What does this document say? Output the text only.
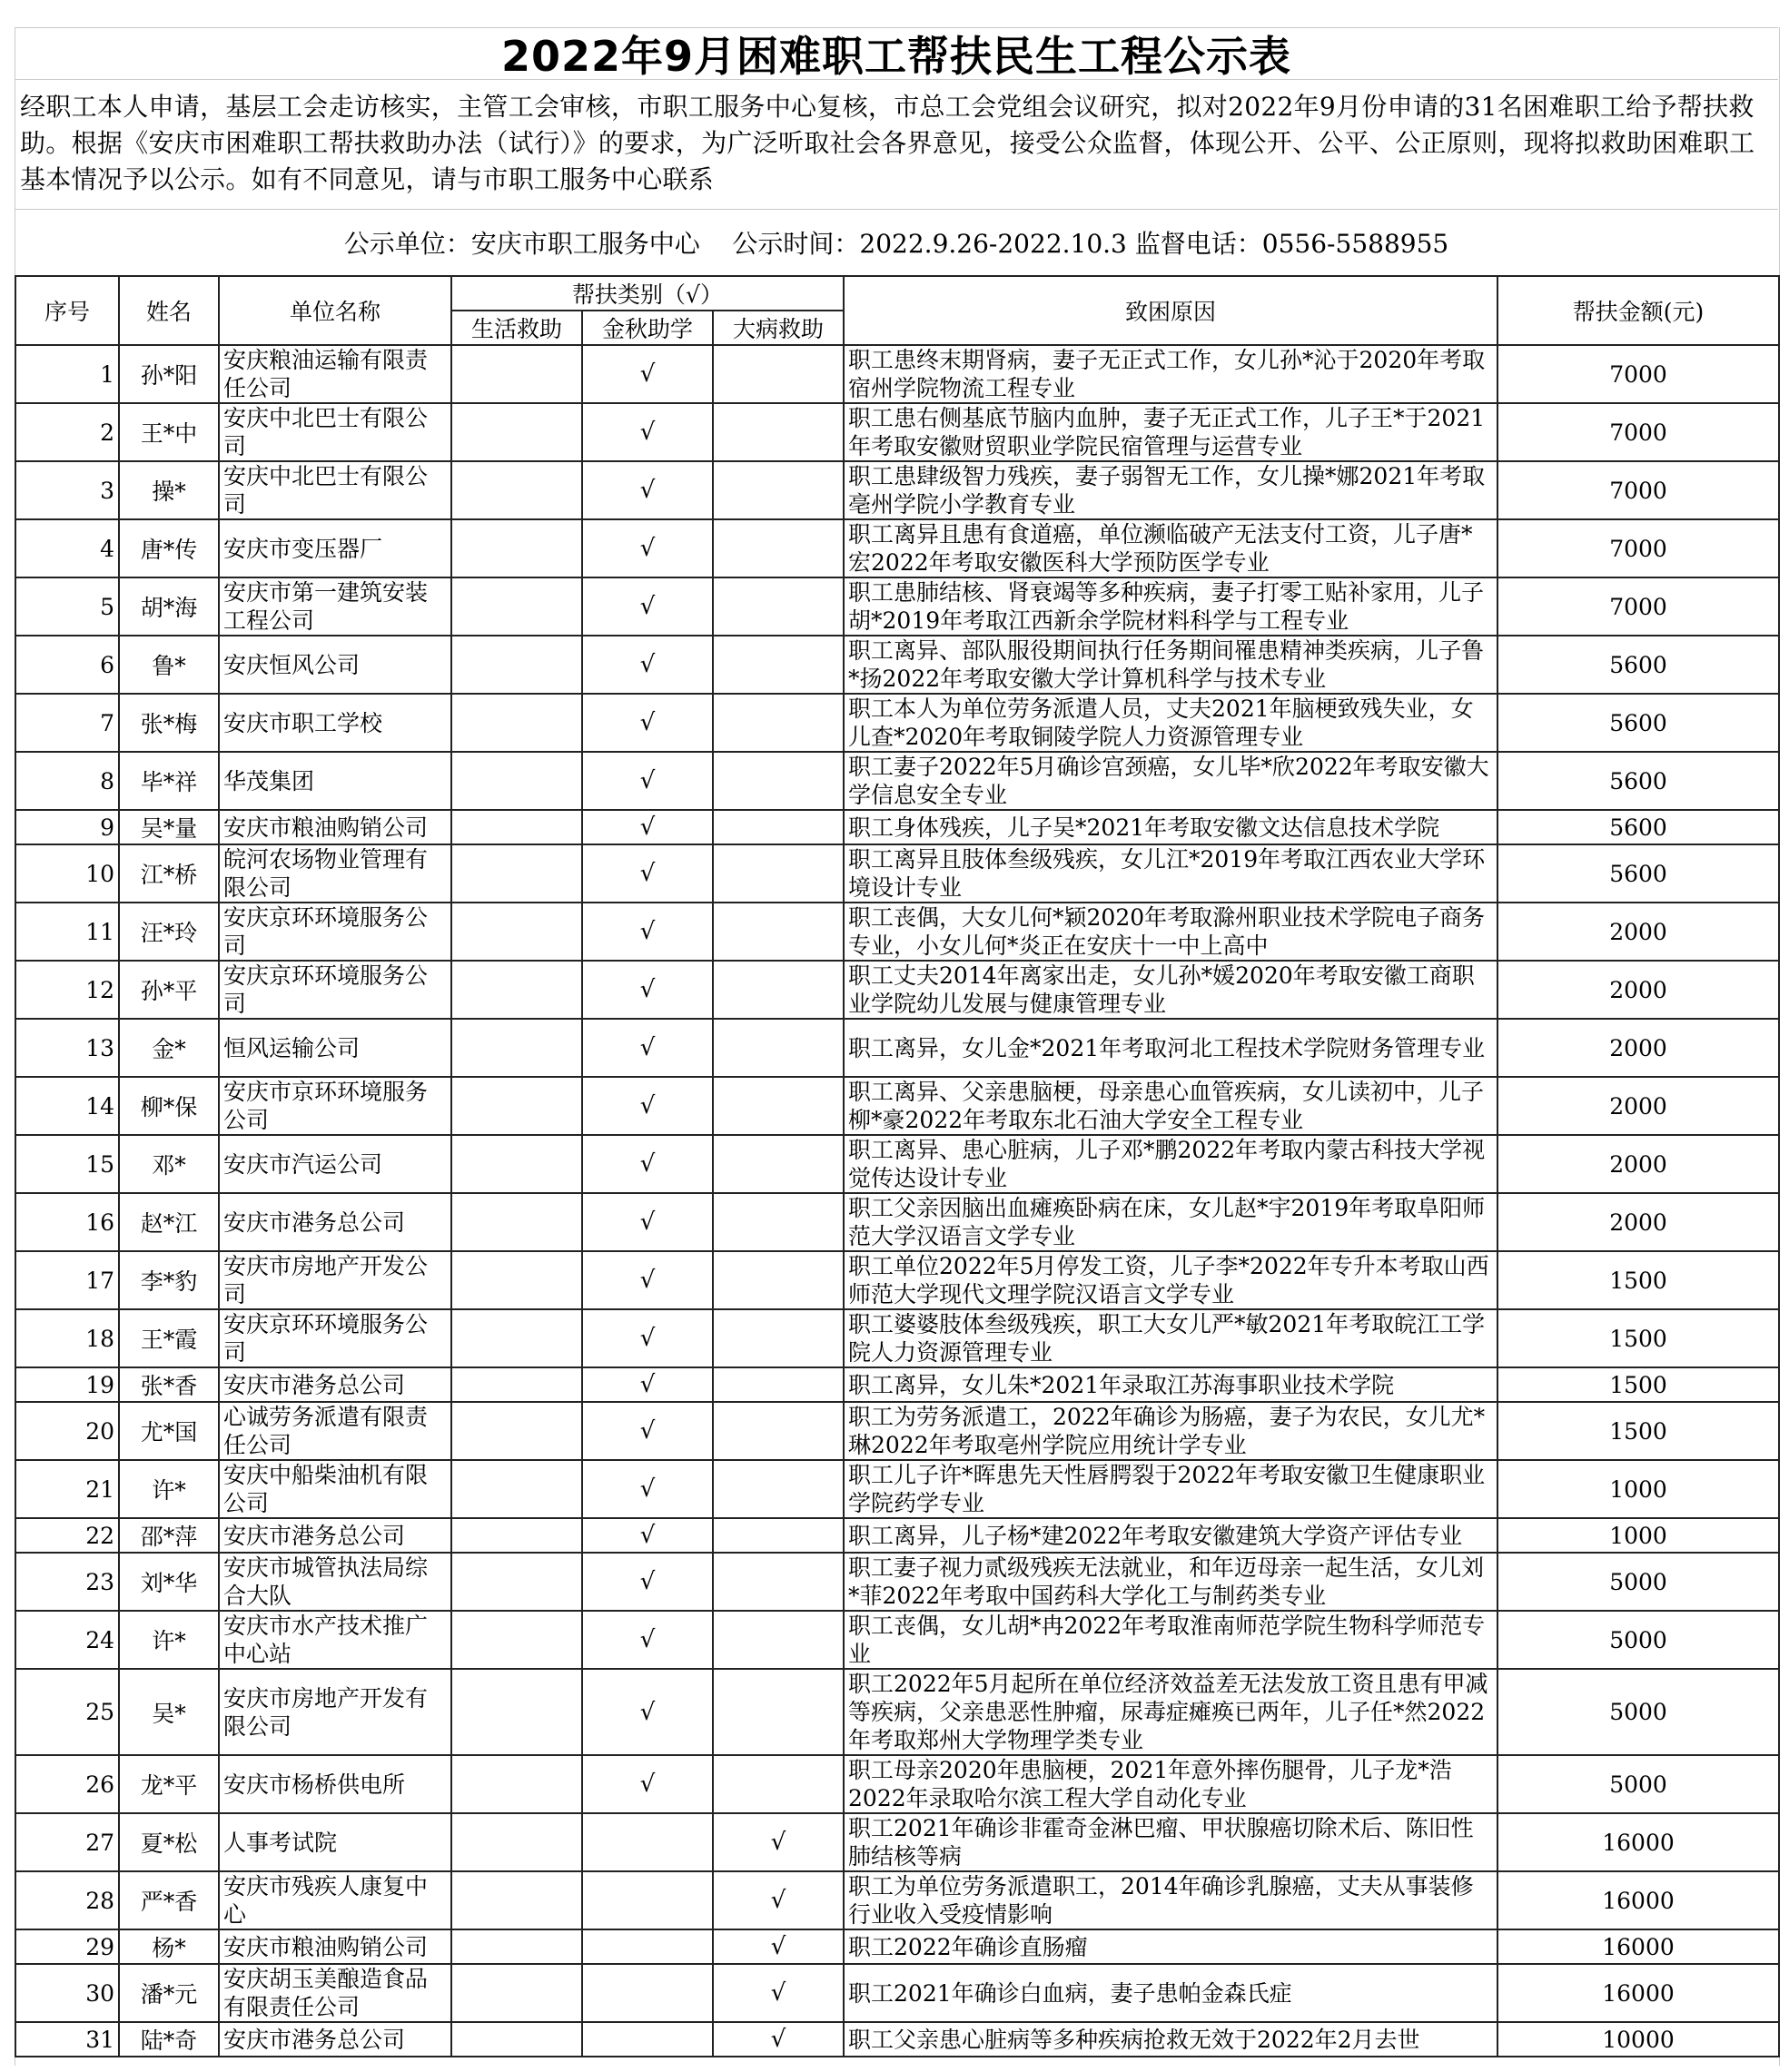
2022年9月困难职工帮扶民生工程公示表
经职工本人申请，基层工会走访核实，主管工会审核，市职工服务中心复核，市总工会党组会议研究，拟对2022年9月份申请的31名困难职工给予帮扶救助。根据《安庆市困难职工帮扶救助办法（试行）》的要求，为广泛听取社会各界意见，接受公众监督，体现公开、公平、公正原则，现将拟救助困难职工基本情况予以公示。如有不同意见，请与市职工服务中心联系
公示单位：安庆市职工服务中心
公示时间：2022.9.26-2022.10.3
监督电话：0556-5588955
序号	姓名	单位名称	帮扶类别（√）			致困原因	帮扶金额(元)
			生活救助	金秋助学	大病救助		
1	孙*阳	安庆粮油运输有限责任公司		√		职工患终末期肾病，妻子无正式工作，女儿孙*沁于2020年考取宿州学院物流工程专业	7000
2	王*中	安庆中北巴士有限公司		√		职工患右侧基底节脑内血肿，妻子无正式工作，儿子王*于2021年考取安徽财贸职业学院民宿管理与运营专业	7000
3	操*	安庆中北巴士有限公司		√		职工患肆级智力残疾，妻子弱智无工作，女儿操*娜2021年考取亳州学院小学教育专业	7000
4	唐*传	安庆市变压器厂		√		职工离异且患有食道癌，单位濒临破产无法支付工资，儿子唐*宏2022年考取安徽医科大学预防医学专业	7000
5	胡*海	安庆市第一建筑安装工程公司		√		职工患肺结核、肾衰竭等多种疾病，妻子打零工贴补家用，儿子胡*2019年考取江西新余学院材料科学与工程专业	7000
6	鲁*	安庆恒风公司		√		职工离异、部队服役期间执行任务期间罹患精神类疾病，儿子鲁*扬2022年考取安徽大学计算机科学与技术专业	5600
7	张*梅	安庆市职工学校		√		职工本人为单位劳务派遣人员，丈夫2021年脑梗致残失业，女儿查*2020年考取铜陵学院人力资源管理专业	5600
8	毕*祥	华茂集团		√		职工妻子2022年5月确诊宫颈癌，女儿毕*欣2022年考取安徽大学信息安全专业	5600
9	吴*量	安庆市粮油购销公司		√		职工身体残疾，儿子吴*2021年考取安徽文达信息技术学院	5600
10	江*桥	皖河农场物业管理有限公司		√		职工离异且肢体叁级残疾，女儿江*2019年考取江西农业大学环境设计专业	5600
11	汪*玲	安庆京环环境服务公司		√		职工丧偶，大女儿何*颖2020年考取滁州职业技术学院电子商务专业，小女儿何*炎正在安庆十一中上高中	2000
12	孙*平	安庆京环环境服务公司		√		职工丈夫2014年离家出走，女儿孙*媛2020年考取安徽工商职业学院幼儿发展与健康管理专业	2000
13	金*	恒风运输公司		√		职工离异，女儿金*2021年考取河北工程技术学院财务管理专业	2000
14	柳*保	安庆市京环环境服务公司		√		职工离异、父亲患脑梗，母亲患心血管疾病，女儿读初中，儿子柳*豪2022年考取东北石油大学安全工程专业	2000
15	邓*	安庆市汽运公司		√		职工离异、患心脏病，儿子邓*鹏2022年考取内蒙古科技大学视觉传达设计专业	2000
16	赵*江	安庆市港务总公司		√		职工父亲因脑出血瘫痪卧病在床，女儿赵*宇2019年考取阜阳师范大学汉语言文学专业	2000
17	李*豹	安庆市房地产开发公司		√		职工单位2022年5月停发工资，儿子李*2022年专升本考取山西师范大学现代文理学院汉语言文学专业	1500
18	王*霞	安庆京环环境服务公司		√		职工婆婆肢体叁级残疾，职工大女儿严*敏2021年考取皖江工学院人力资源管理专业	1500
19	张*香	安庆市港务总公司		√		职工离异，女儿朱*2021年录取江苏海事职业技术学院	1500
20	尤*国	心诚劳务派遣有限责任公司		√		职工为劳务派遣工，2022年确诊为肠癌，妻子为农民，女儿尤*琳2022年考取亳州学院应用统计学专业	1500
21	许*	安庆中船柴油机有限公司		√		职工儿子许*晖患先天性唇腭裂于2022年考取安徽卫生健康职业学院药学专业	1000
22	邵*萍	安庆市港务总公司		√		职工离异，儿子杨*建2022年考取安徽建筑大学资产评估专业	1000
23	刘*华	安庆市城管执法局综合大队		√		职工妻子视力贰级残疾无法就业，和年迈母亲一起生活，女儿刘*菲2022年考取中国药科大学化工与制药类专业	5000
24	许*	安庆市水产技术推广中心站		√		职工丧偶，女儿胡*冉2022年考取淮南师范学院生物科学师范专业	5000
25	吴*	安庆市房地产开发有限公司		√		职工2022年5月起所在单位经济效益差无法发放工资且患有甲减等疾病，父亲患恶性肿瘤，尿毒症瘫痪已两年，儿子任*然2022年考取郑州大学物理学类专业	5000
26	龙*平	安庆市杨桥供电所		√		职工母亲2020年患脑梗，2021年意外摔伤腿骨，儿子龙*浩2022年录取哈尔滨工程大学自动化专业	5000
27	夏*松	人事考试院			√	职工2021年确诊非霍奇金淋巴瘤、甲状腺癌切除术后、陈旧性肺结核等病	16000
28	严*香	安庆市残疾人康复中心			√	职工为单位劳务派遣职工，2014年确诊乳腺癌，丈夫从事装修行业收入受疫情影响	16000
29	杨*	安庆市粮油购销公司			√	职工2022年确诊直肠瘤	16000
30	潘*元	安庆胡玉美酿造食品有限责任公司			√	职工2021年确诊白血病，妻子患帕金森氏症	16000
31	陆*奇	安庆市港务总公司			√	职工父亲患心脏病等多种疾病抢救无效于2022年2月去世	10000
